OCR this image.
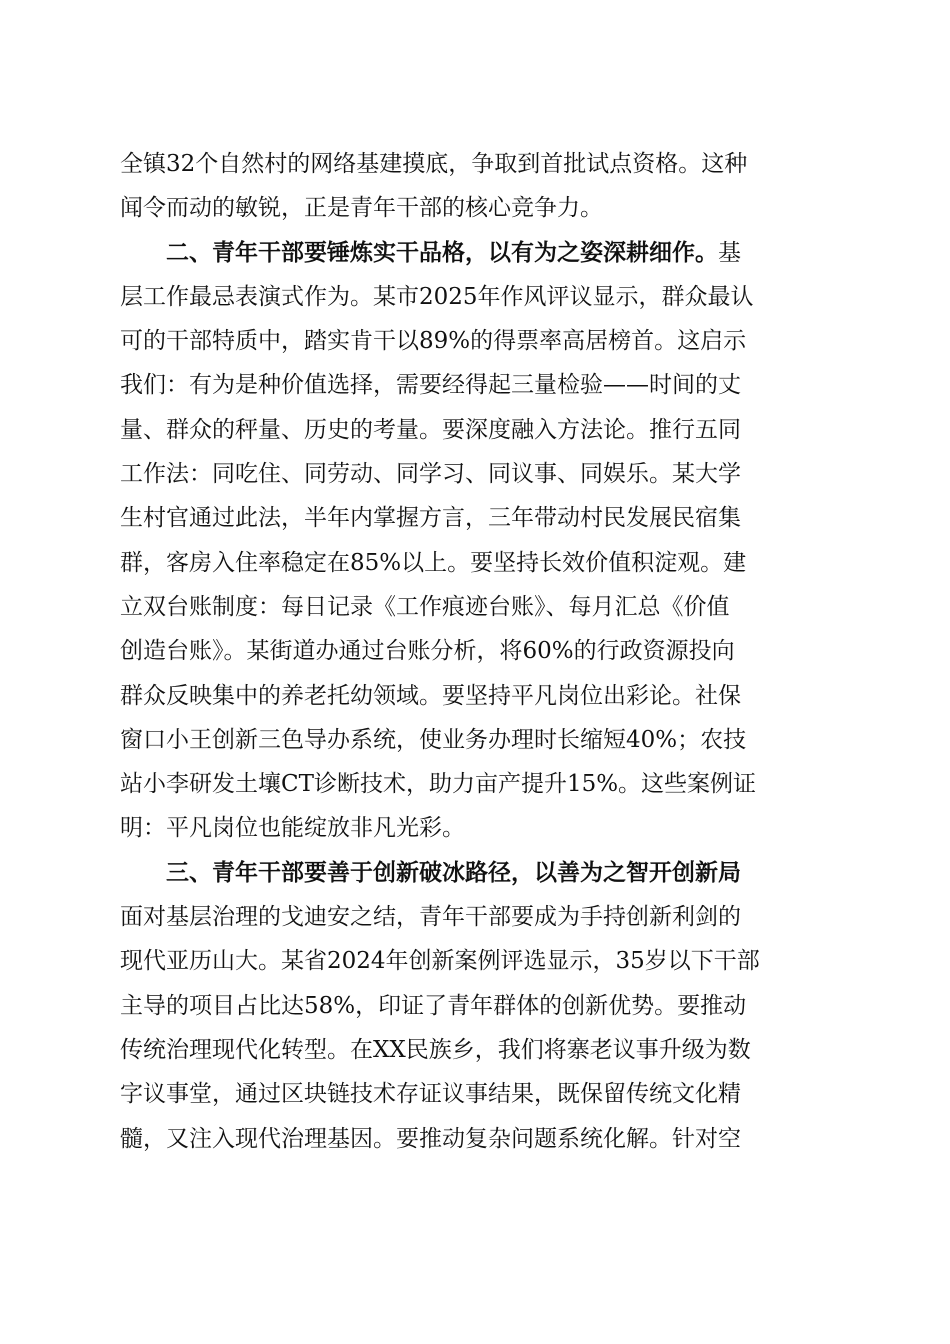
全镇32个自然村的网络基建摸底，争取到首批试点资格。这种
闻令而动的敏锐，正是青年干部的核心竞争力。
二、青年干部要锤炼实干品格，以有为之姿深耕细作。基
层工作最忌表演式作为。某市2025年作风评议显示，群众最认
可的干部特质中，踏实肯干以89%的得票率高居榜首。这启示
我们：有为是种价值选择，需要经得起三量检验——时间的丈
量、群众的秤量、历史的考量。要深度融入方法论。推行五同
工作法：同吃住、同劳动、同学习、同议事、同娱乐。某大学
生村官通过此法，半年内掌握方言，三年带动村民发展民宿集
群，客房入住率稳定在85%以上。要坚持长效价值积淀观。建
立双台账制度：每日记录《工作痕迹台账》、每月汇总《价值
创造台账》。某街道办通过台账分析，将60%的行政资源投向
群众反映集中的养老托幼领域。要坚持平凡岗位出彩论。社保
窗口小王创新三色导办系统，使业务办理时长缩短40%；农技
站小李研发土壤CT诊断技术，助力亩产提升15%。这些案例证
明：平凡岗位也能绽放非凡光彩。
三、青年干部要善于创新破冰路径，以善为之智开创新局
面对基层治理的戈迪安之结，青年干部要成为手持创新利剑的
现代亚历山大。某省2024年创新案例评选显示，35岁以下干部
主导的项目占比达58%，印证了青年群体的创新优势。要推动
传统治理现代化转型。在XX民族乡，我们将寨老议事升级为数
字议事堂，通过区块链技术存证议事结果，既保留传统文化精
髓，又注入现代治理基因。要推动复杂问题系统化解。针对空
